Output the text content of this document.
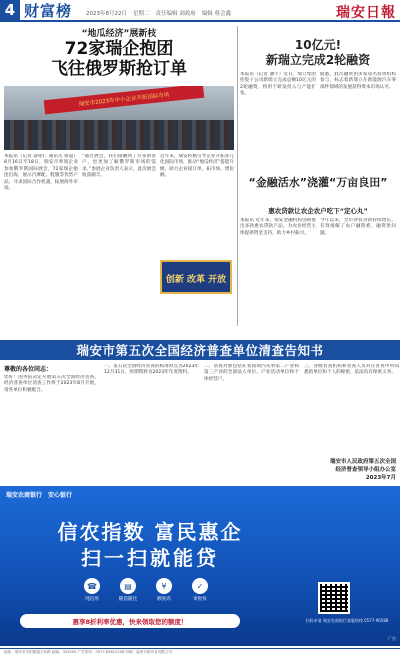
4 财富榜	2023年8月22日 星期二 责任编辑 刘政府 编辑 蔡会鑫	瑞安日報
“地瓜经济”展新枝
72家瑞企抱团
飞往俄罗斯抢订单
瑞安市2023年中小企业开拓国际市场
本报讯（记者 薛铭仁 通讯员 蔡超）8月16日至18日，瑞安市率领企业参加俄罗斯国际展会，72家瑞企抱团出海，展示汽摩配、鞋服等优势产品，寻求国际合作机遇，拓展海外市场。
“通过展会，我们接触到了许多新客户，也更加了解俄罗斯市场的需求。”参展企业负责人表示，此次展会收获颇丰。
近年来，瑞安积极引导企业开拓多元化国际市场，推动“地瓜经济”提能升级，助力企业稳订单、拓市场、增份额。
创新 改革 开放
10亿元!
新瑞立完成2轮融资
本报讯（记者 潘宇）近日，瑞立集团控股子公司新瑞立完成总额10亿元的2轮融资，将用于研发投入与产能扩张。
据悉，此次融资由多家知名投资机构参与，标志着新瑞立在新能源汽车零部件领域的发展获得资本市场认可。
“金融活水”浇灌“万亩良田”
惠农贷款让农企农户吃下“定心丸”
本报讯 近年来，瑞安金融机构创新推出多款惠农贷款产品，为农业经营主体提供资金支持，助力乡村振兴。
今年以来，全市涉农贷款持续增长，有效缓解了农户融资难、融资贵问题。
瑞安市第五次全国经济普查单位清查告知书
尊敬的各位同志：
您好！国务院决定开展第五次全国经济普查。经济普查单位清查工作将于2023年8月开始，请各单位积极配合。
一、第五次全国经济普查的标准时点为2023年12月31日，时期资料为2023年年度资料。
二、清查对象包括在我国境内从事第二产业和第三产业的全部法人单位、产业活动单位和个体经营户。
三、各级普查机构和普查人员对在普查中所知悉的单位和个人的秘密，依法负有保密义务。
瑞安市人民政府第五次全国
经济普查领导小组办公室
2023年7月
瑞安农商银行 安心银行
信农指数 富民惠企
扫一扫就能贷
☎
纯信用
▤
随借随还
¥
额度高
✓
审批快
惠享8折利率优惠，快来领取您的额度！	扫码申请 瑞安农商银行客服热线 0577-96588
广告
地址：瑞安市安阳街道万松路 邮编：325200 广告热线：0577-65812256 印刷：温州日报印务有限公司
